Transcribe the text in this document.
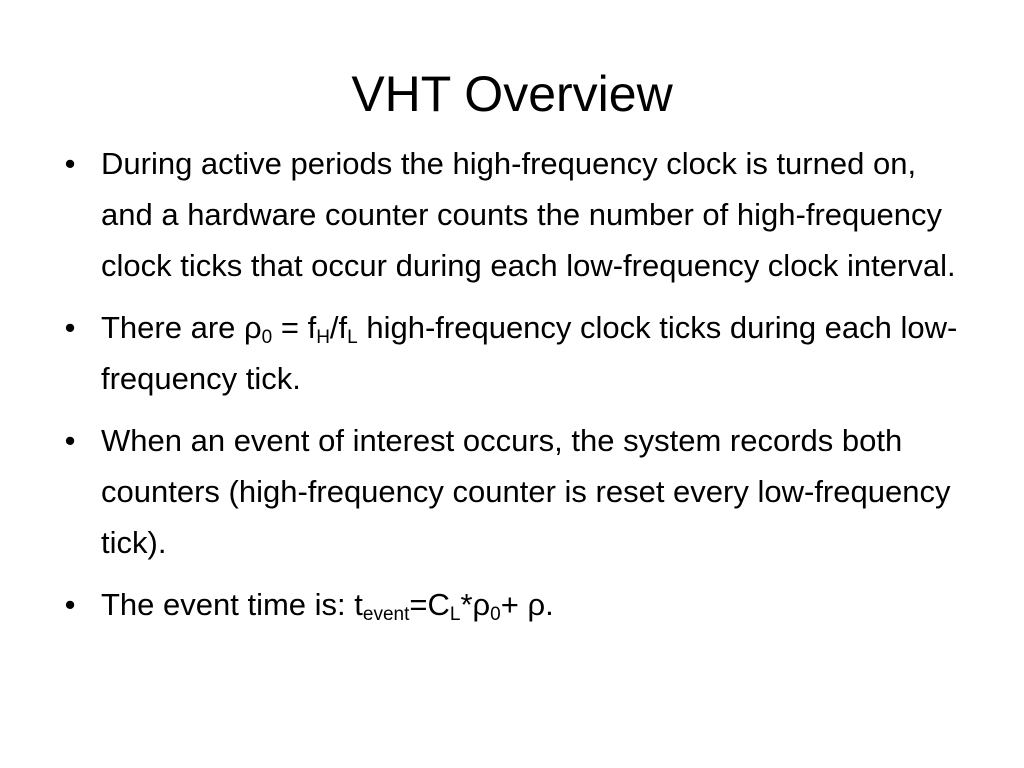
VHT Overview
• During active periods the high-frequency clock is turned on, and a hardware counter counts the number of high-frequency clock ticks that occur during each low-frequency clock interval.
• There are $\rho_0 = f_H/f_L$ high-frequency clock ticks during each low-frequency tick.
• When an event of interest occurs, the system records both counters (high-frequency counter is reset every low-frequency tick).
• The event time is: $t_{event}=C_L*\rho_0+ \rho$.
